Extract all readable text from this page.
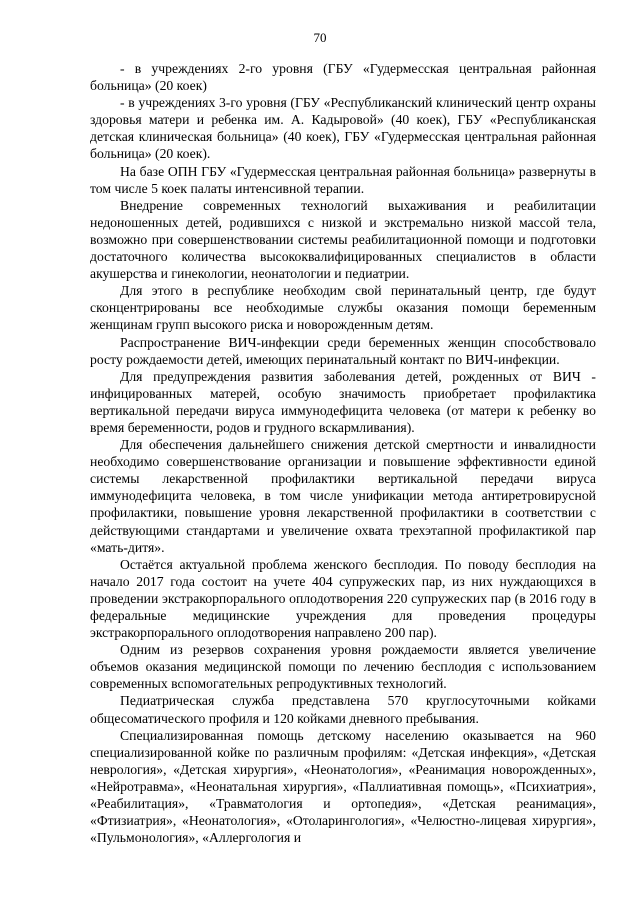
70

- в учреждениях 2-го уровня (ГБУ «Гудермесская центральная районная больница» (20 коек)

- в учреждениях 3-го уровня (ГБУ «Республиканский клинический центр охраны здоровья матери и ребенка им. А. Кадыровой» (40 коек), ГБУ «Республиканская детская клиническая больница» (40 коек), ГБУ «Гудермесская центральная районная больница» (20 коек).

На базе ОПН ГБУ «Гудермесская центральная районная больница» развернуты в том числе 5 коек палаты интенсивной терапии.

Внедрение современных технологий выхаживания и реабилитации недоношенных детей, родившихся с низкой и экстремально низкой массой тела, возможно при совершенствовании системы реабилитационной помощи и подготовки достаточного количества высококвалифицированных специалистов в области акушерства и гинекологии, неонатологии и педиатрии.

Для этого в республике необходим свой перинатальный центр, где будут сконцентрированы все необходимые службы оказания помощи беременным женщинам групп высокого риска и новорожденным детям.

Распространение ВИЧ-инфекции среди беременных женщин способствовало росту рождаемости детей, имеющих перинатальный контакт по ВИЧ-инфекции.

Для предупреждения развития заболевания детей, рожденных от ВИЧ - инфицированных матерей, особую значимость приобретает профилактика вертикальной передачи вируса иммунодефицита человека (от матери к ребенку во время беременности, родов и грудного вскармливания).

Для обеспечения дальнейшего снижения детской смертности и инвалидности необходимо совершенствование организации и повышение эффективности единой системы лекарственной профилактики вертикальной передачи вируса иммунодефицита человека, в том числе унификации метода антиретровирусной профилактики, повышение уровня лекарственной профилактики в соответствии с действующими стандартами и увеличение охвата трехэтапной профилактикой пар «мать-дитя».

Остаётся актуальной проблема женского бесплодия. По поводу бесплодия на начало 2017 года состоит на учете 404 супружеских пар, из них нуждающихся в проведении экстракорпорального оплодотворения 220 супружеских пар (в 2016 году в федеральные медицинские учреждения для проведения процедуры экстракорпорального оплодотворения направлено 200 пар).

Одним из резервов сохранения уровня рождаемости является увеличение объемов оказания медицинской помощи по лечению бесплодия с использованием современных вспомогательных репродуктивных технологий.

Педиатрическая служба представлена 570 круглосуточными койками общесоматического профиля и 120 койками дневного пребывания.

Специализированная помощь детскому населению оказывается на 960 специализированной койке по различным профилям: «Детская инфекция», «Детская неврология», «Детская хирургия», «Неонатология», «Реанимация новорожденных», «Нейротравма», «Неонатальная хирургия», «Паллиативная помощь», «Психиатрия», «Реабилитация», «Травматология и ортопедия», «Детская реанимация», «Фтизиатрия», «Неонатология», «Отоларингология», «Челюстно-лицевая хирургия», «Пульмонология», «Аллергология и
